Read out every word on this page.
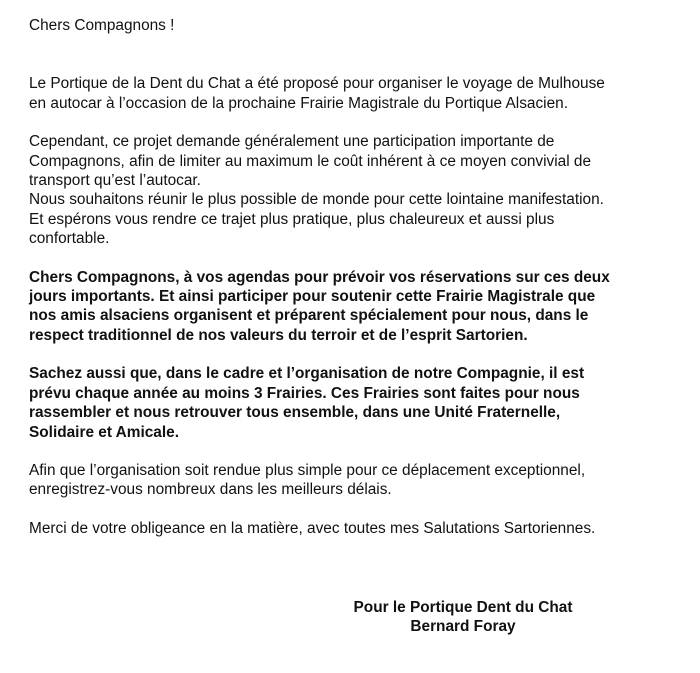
Chers Compagnons !

Le Portique de la Dent du Chat a été proposé pour organiser le voyage de Mulhouse

en autocar à l’occasion de la prochaine Frairie Magistrale du Portique Alsacien.

Cependant, ce projet demande généralement une participation importante de

Compagnons, afin de limiter au maximum le coût inhérent à ce moyen convivial de

transport qu’est l’autocar.

Nous souhaitons réunir le plus possible de monde pour cette lointaine manifestation.

Et espérons vous rendre ce trajet plus pratique, plus chaleureux et aussi plus

confortable.

Chers Compagnons, à vos agendas pour prévoir vos réservations sur ces deux

jours importants. Et ainsi participer pour soutenir cette Frairie Magistrale que

nos amis alsaciens organisent et préparent spécialement pour nous, dans le

respect traditionnel de nos valeurs du terroir et de l’esprit Sartorien.

Sachez aussi que, dans le cadre et l’organisation de notre Compagnie, il est

prévu chaque année au moins 3 Frairies. Ces Frairies sont faites pour nous

rassembler et nous retrouver tous ensemble, dans une Unité Fraternelle,

Solidaire et Amicale.

Afin que l’organisation soit rendue plus simple pour ce déplacement exceptionnel,

enregistrez-vous nombreux dans les meilleurs délais.

Merci de votre obligeance en la matière, avec toutes mes Salutations Sartoriennes.

Pour le Portique Dent du Chat
Bernard Foray
